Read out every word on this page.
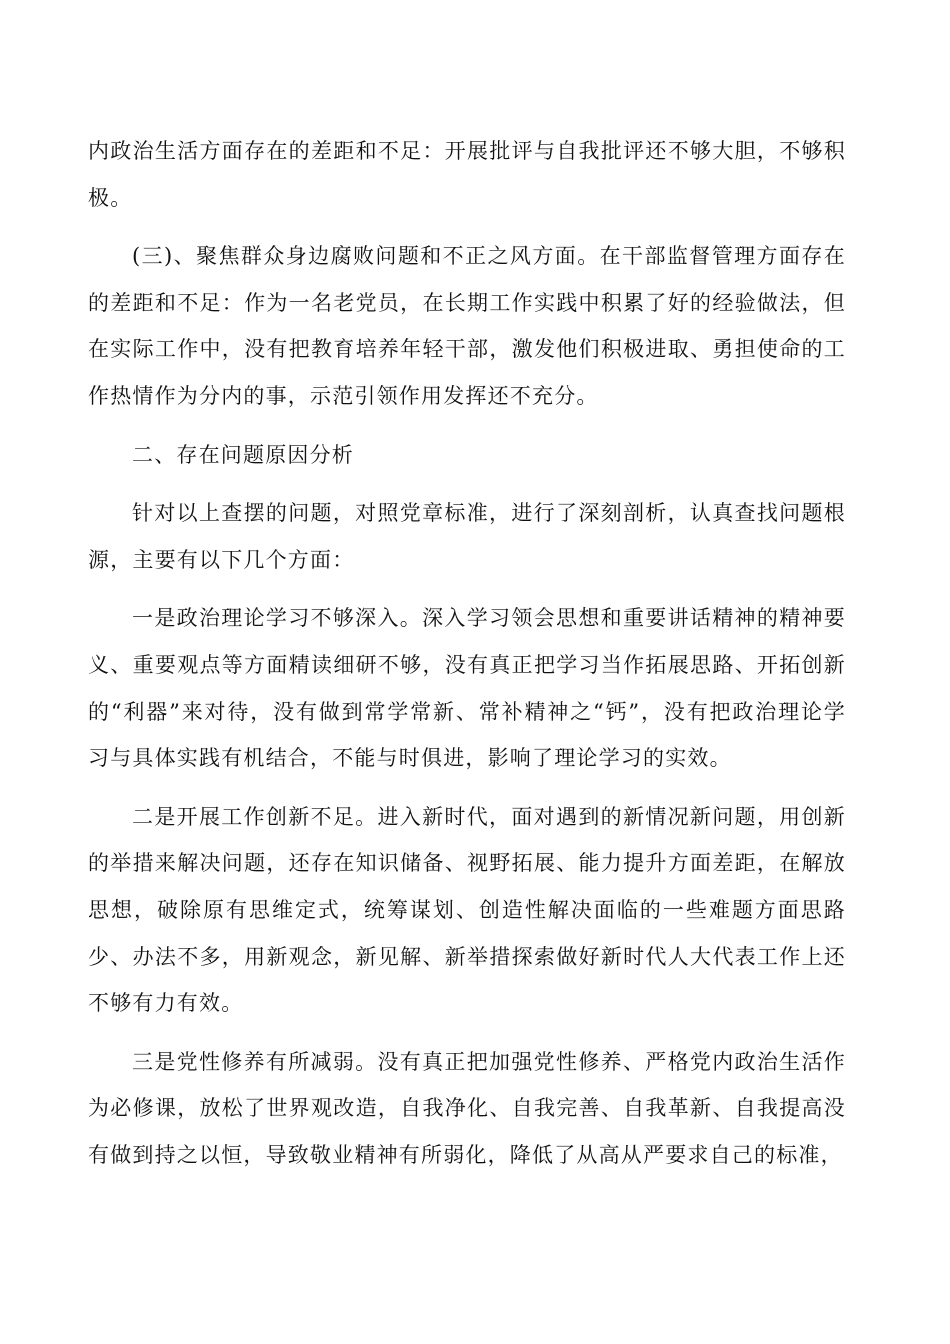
内政治生活方面存在的差距和不足：开展批评与自我批评还不够大胆，不够积极。

(三)、聚焦群众身边腐败问题和不正之风方面。在干部监督管理方面存在的差距和不足：作为一名老党员，在长期工作实践中积累了好的经验做法，但在实际工作中，没有把教育培养年轻干部，激发他们积极进取、勇担使命的工作热情作为分内的事，示范引领作用发挥还不充分。

二、存在问题原因分析

针对以上查摆的问题，对照党章标准，进行了深刻剖析，认真查找问题根源，主要有以下几个方面：

一是政治理论学习不够深入。深入学习领会思想和重要讲话精神的精神要义、重要观点等方面精读细研不够，没有真正把学习当作拓展思路、开拓创新的“利器”来对待，没有做到常学常新、常补精神之“钙”，没有把政治理论学习与具体实践有机结合，不能与时俱进，影响了理论学习的实效。

二是开展工作创新不足。进入新时代，面对遇到的新情况新问题，用创新的举措来解决问题，还存在知识储备、视野拓展、能力提升方面差距，在解放思想，破除原有思维定式，统筹谋划、创造性解决面临的一些难题方面思路少、办法不多，用新观念，新见解、新举措探索做好新时代人大代表工作上还不够有力有效。

三是党性修养有所减弱。没有真正把加强党性修养、严格党内政治生活作为必修课，放松了世界观改造，自我净化、自我完善、自我革新、自我提高没有做到持之以恒，导致敬业精神有所弱化，降低了从高从严要求自己的标准，
